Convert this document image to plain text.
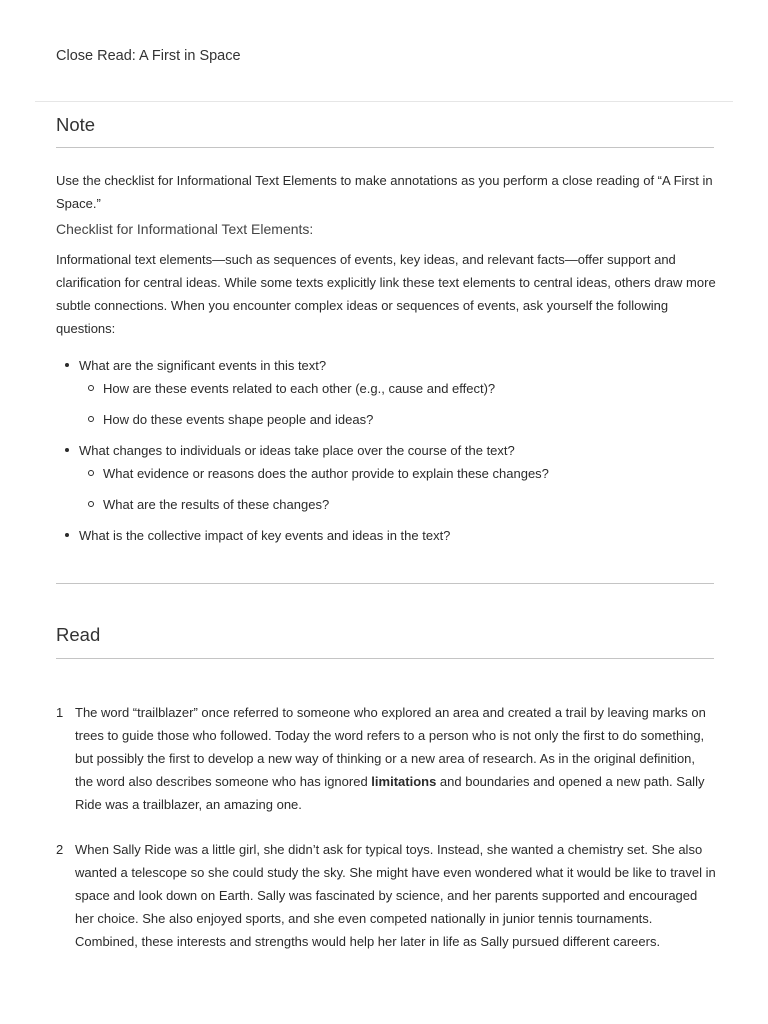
Close Read: A First in Space
Note

Use the checklist for Informational Text Elements to make annotations as you perform a close reading of “A First in Space.”

Checklist for Informational Text Elements:

Informational text elements—such as sequences of events, key ideas, and relevant facts—offer support and clarification for central ideas. While some texts explicitly link these text elements to central ideas, others draw more subtle connections. When you encounter complex ideas or sequences of events, ask yourself the following questions:

What are the significant events in this text?
How are these events related to each other (e.g., cause and effect)?
How do these events shape people and ideas?
What changes to individuals or ideas take place over the course of the text?
What evidence or reasons does the author provide to explain these changes?
What are the results of these changes?
What is the collective impact of key events and ideas in the text?
Read
1 The word “trailblazer” once referred to someone who explored an area and created a trail by leaving marks on trees to guide those who followed. Today the word refers to a person who is not only the first to do something, but possibly the first to develop a new way of thinking or a new area of research. As in the original definition, the word also describes someone who has ignored limitations and boundaries and opened a new path. Sally Ride was a trailblazer, an amazing one.
2 When Sally Ride was a little girl, she didn’t ask for typical toys. Instead, she wanted a chemistry set. She also wanted a telescope so she could study the sky. She might have even wondered what it would be like to travel in space and look down on Earth. Sally was fascinated by science, and her parents supported and encouraged her choice. She also enjoyed sports, and she even competed nationally in junior tennis tournaments. Combined, these interests and strengths would help her later in life as Sally pursued different careers.
